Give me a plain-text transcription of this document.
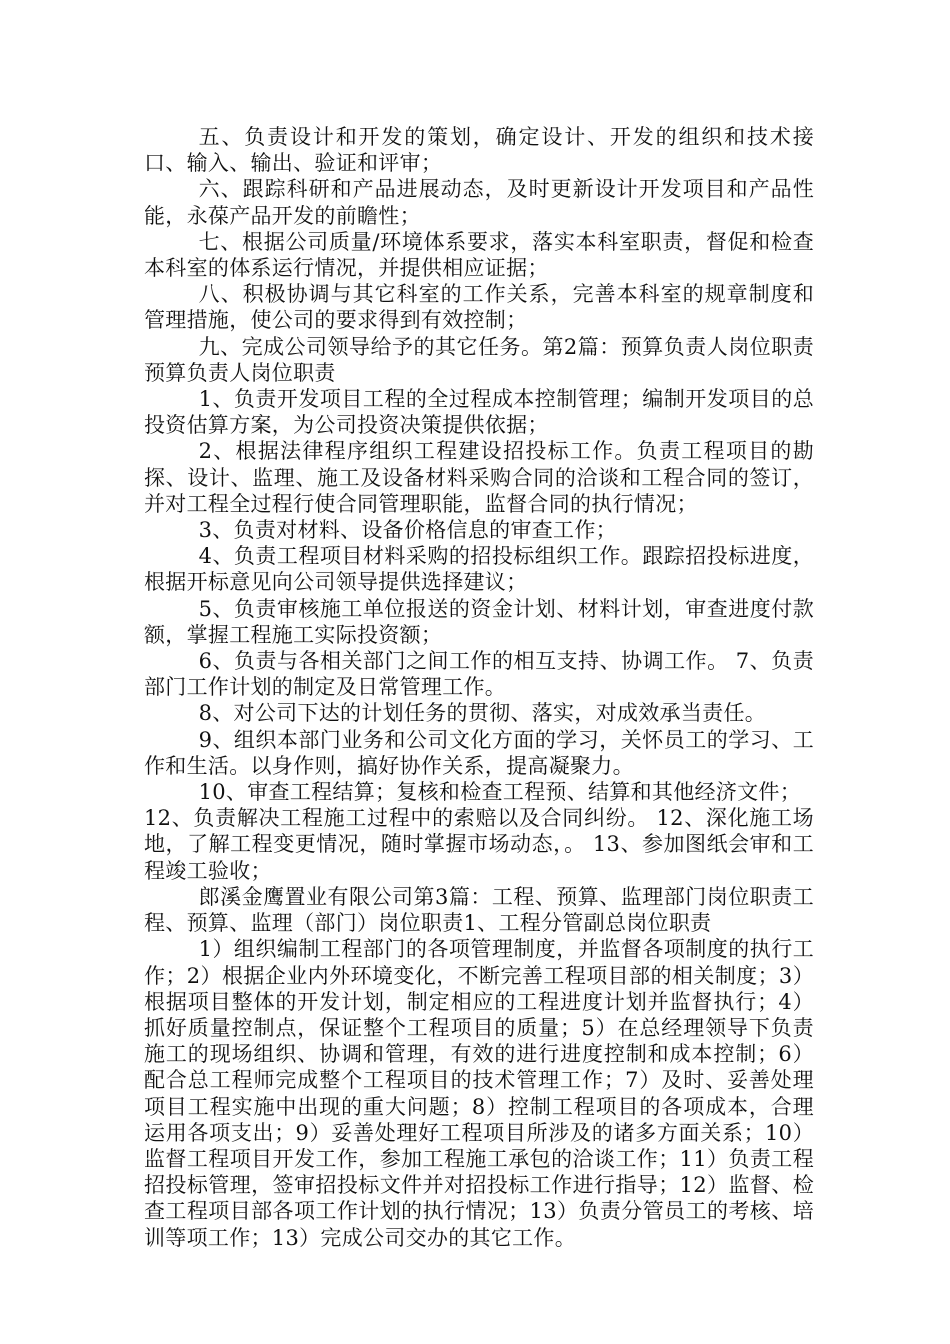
五、负责设计和开发的策划，确定设计、开发的组织和技术接口、输入、输出、验证和评审；

六、跟踪科研和产品进展动态，及时更新设计开发项目和产品性能，永葆产品开发的前瞻性；

七、根据公司质量/环境体系要求，落实本科室职责，督促和检查本科室的体系运行情况，并提供相应证据；

八、积极协调与其它科室的工作关系，完善本科室的规章制度和管理措施，使公司的要求得到有效控制；

九、完成公司领导给予的其它任务。第2篇：预算负责人岗位职责预算负责人岗位职责

1、负责开发项目工程的全过程成本控制管理；编制开发项目的总投资估算方案，为公司投资决策提供依据；

2、根据法律程序组织工程建设招投标工作。负责工程项目的勘探、设计、监理、施工及设备材料采购合同的洽谈和工程合同的签订，并对工程全过程行使合同管理职能，监督合同的执行情况；

3、负责对材料、设备价格信息的审查工作；

4、负责工程项目材料采购的招投标组织工作。跟踪招投标进度，根据开标意见向公司领导提供选择建议；

5、负责审核施工单位报送的资金计划、材料计划，审查进度付款额，掌握工程施工实际投资额；

6、负责与各相关部门之间工作的相互支持、协调工作。 7、负责部门工作计划的制定及日常管理工作。

8、对公司下达的计划任务的贯彻、落实，对成效承当责任。

9、组织本部门业务和公司文化方面的学习，关怀员工的学习、工作和生活。以身作则，搞好协作关系，提高凝聚力。

10、审查工程结算；复核和检查工程预、结算和其他经济文件；

12、负责解决工程施工过程中的索赔以及合同纠纷。 12、深化施工场地，了解工程变更情况，随时掌握市场动态，。 13、参加图纸会审和工程竣工验收；

郎溪金鹰置业有限公司第3篇：工程、预算、监理部门岗位职责工程、预算、监理（部门）岗位职责1、工程分管副总岗位职责

1）组织编制工程部门的各项管理制度，并监督各项制度的执行工作；2）根据企业内外环境变化，不断完善工程项目部的相关制度；3）根据项目整体的开发计划，制定相应的工程进度计划并监督执行；4）抓好质量控制点，保证整个工程项目的质量；5）在总经理领导下负责施工的现场组织、协调和管理，有效的进行进度控制和成本控制；6）配合总工程师完成整个工程项目的技术管理工作；7）及时、妥善处理项目工程实施中出现的重大问题；8）控制工程项目的各项成本，合理运用各项支出；9）妥善处理好工程项目所涉及的诸多方面关系；10）监督工程项目开发工作，参加工程施工承包的洽谈工作；11）负责工程招投标管理，签审招投标文件并对招投标工作进行指导；12）监督、检查工程项目部各项工作计划的执行情况；13）负责分管员工的考核、培训等项工作；13）完成公司交办的其它工作。
